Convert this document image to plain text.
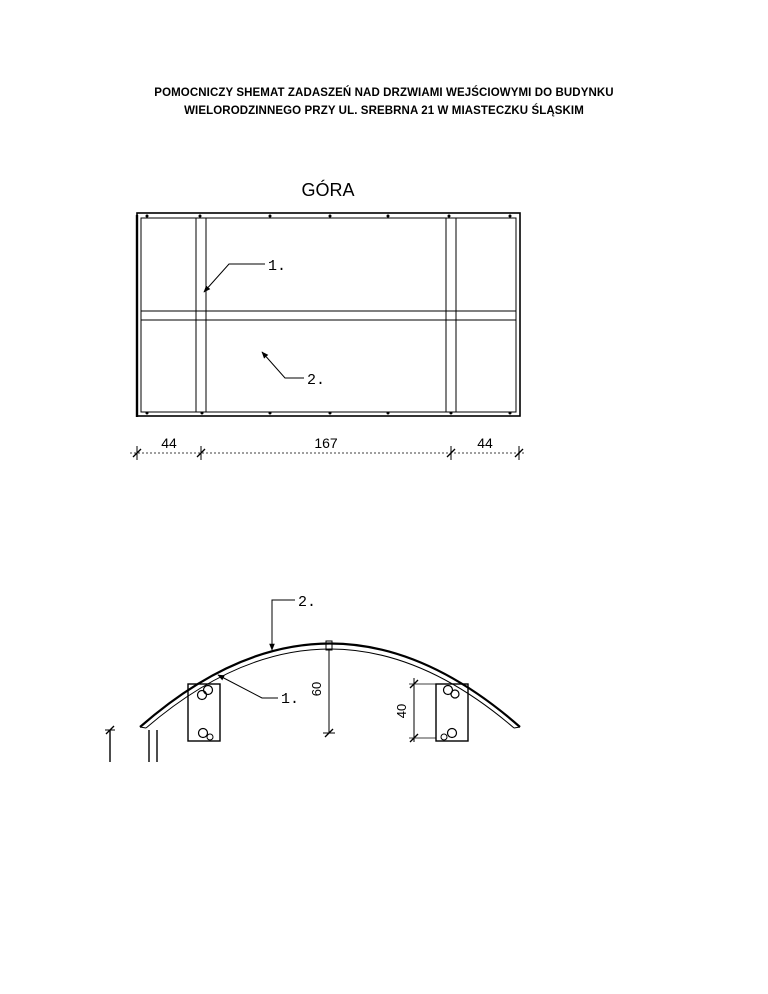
POMOCNICZY SHEMAT ZADASZEŃ NAD DRZWIAMI WEJŚCIOWYMI DO BUDYNKU
WIELORODZINNEGO PRZY UL. SREBRNA 21 W MIASTECZKU ŚLĄSKIM
GÓRA
1.
2.
44	167	44
60
40
2.
1.
